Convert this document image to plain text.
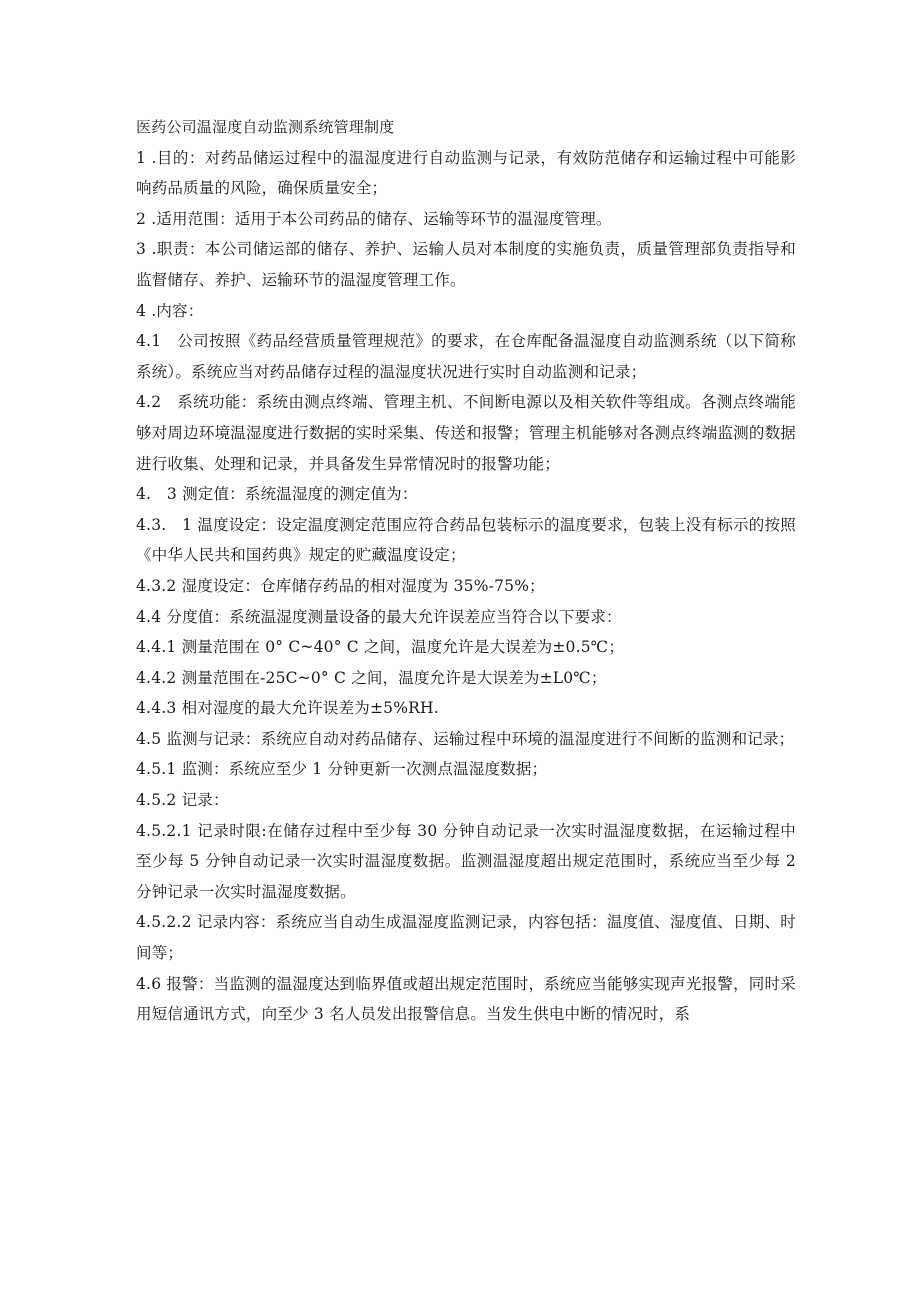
医药公司温湿度自动监测系统管理制度

1 .目的：对药品储运过程中的温湿度进行自动监测与记录，有效防范储存和运输过程中可能影响药品质量的风险，确保质量安全；

2 .适用范围：适用于本公司药品的储存、运输等环节的温湿度管理。

3 .职责：本公司储运部的储存、养护、运输人员对本制度的实施负责，质量管理部负责指导和监督储存、养护、运输环节的温湿度管理工作。

4 .内容：

4.1　公司按照《药品经营质量管理规范》的要求，在仓库配备温湿度自动监测系统（以下简称系统）。系统应当对药品储存过程的温湿度状况进行实时自动监测和记录；

4.2　系统功能：系统由测点终端、管理主机、不间断电源以及相关软件等组成。各测点终端能够对周边环境温湿度进行数据的实时采集、传送和报警；管理主机能够对各测点终端监测的数据进行收集、处理和记录，并具备发生异常情况时的报警功能；

4.　3 测定值：系统温湿度的测定值为：

4.3.　1 温度设定：设定温度测定范围应符合药品包装标示的温度要求，包装上没有标示的按照《中华人民共和国药典》规定的贮藏温度设定；

4.3.2 湿度设定：仓库储存药品的相对湿度为 35%-75%；

4.4 分度值：系统温湿度测量设备的最大允许误差应当符合以下要求：

4.4.1 测量范围在 0° C~40° C 之间，温度允许是大误差为±0.5℃；

4.4.2 测量范围在-25C~0° C 之间，温度允许是大误差为±L0℃；

4.4.3 相对湿度的最大允许误差为±5%RH.

4.5 监测与记录：系统应自动对药品储存、运输过程中环境的温湿度进行不间断的监测和记录；

4.5.1 监测：系统应至少 1 分钟更新一次测点温湿度数据；

4.5.2 记录：

4.5.2.1 记录时限:在储存过程中至少每 30 分钟自动记录一次实时温湿度数据，在运输过程中至少每 5 分钟自动记录一次实时温湿度数据。监测温湿度超出规定范围时，系统应当至少每 2 分钟记录一次实时温湿度数据。

4.5.2.2 记录内容：系统应当自动生成温湿度监测记录，内容包括：温度值、湿度值、日期、时间等；

4.6 报警：当监测的温湿度达到临界值或超出规定范围时，系统应当能够实现声光报警，同时采用短信通讯方式，向至少 3 名人员发出报警信息。当发生供电中断的情况时，系
